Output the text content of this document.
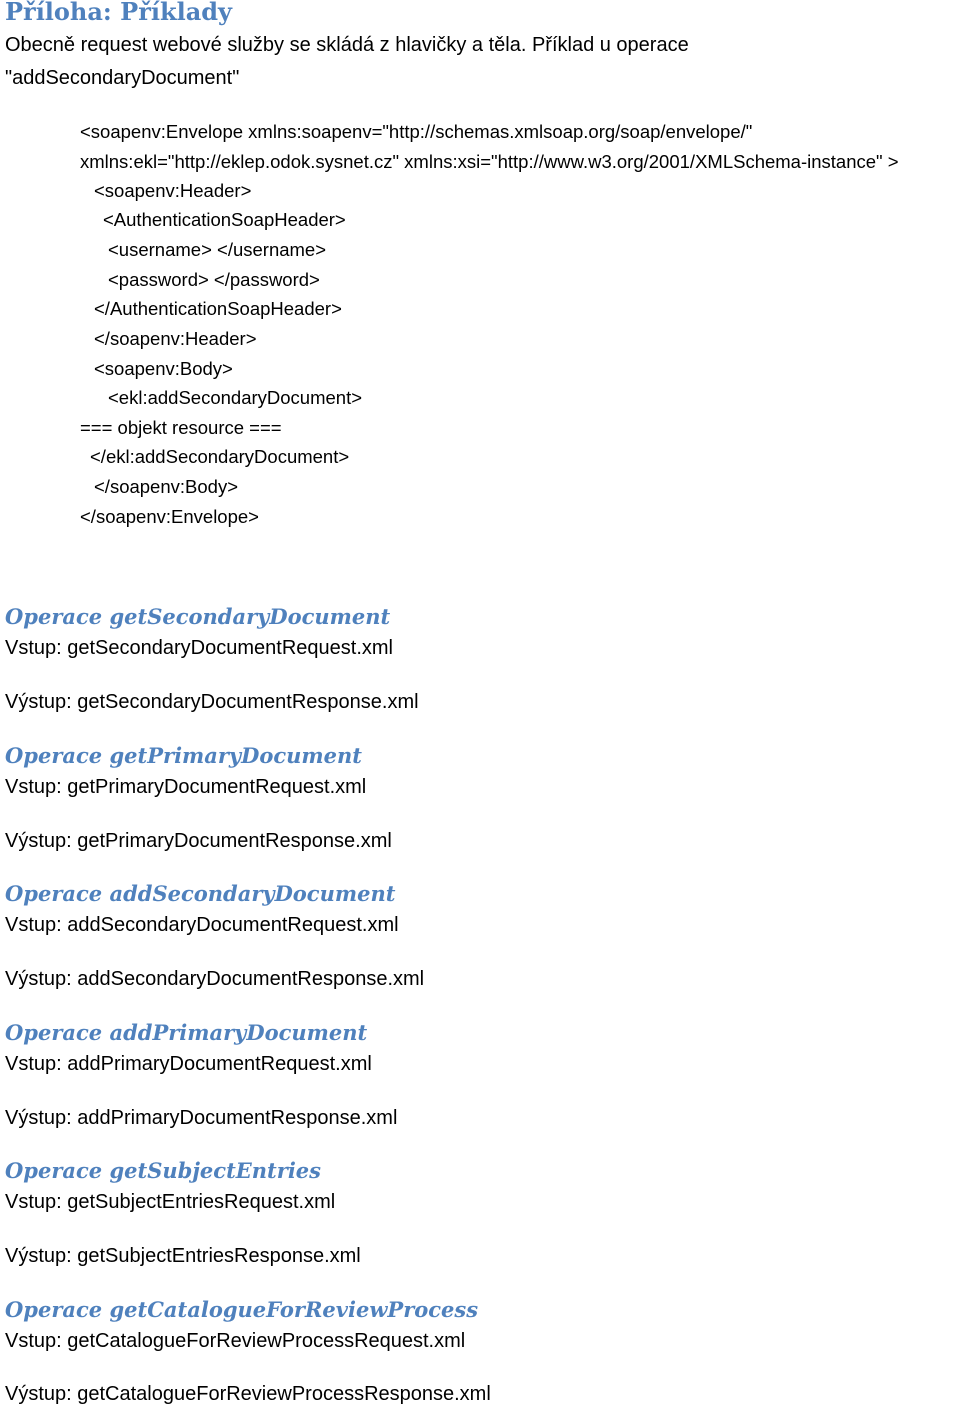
Příloha: Příklady

Obecně request webové služby se skládá z hlavičky a těla. Příklad u operace

"addSecondaryDocument"

<soapenv:Envelope xmlns:soapenv="http://schemas.xmlsoap.org/soap/envelope/"
xmlns:ekl="http://eklep.odok.sysnet.cz" xmlns:xsi="http://www.w3.org/2001/XMLSchema-instance" >
<soapenv:Header>
<AuthenticationSoapHeader>
<username> </username>
<password> </password>
</AuthenticationSoapHeader>
</soapenv:Header>
<soapenv:Body>
<ekl:addSecondaryDocument>
=== objekt resource ===
</ekl:addSecondaryDocument>
</soapenv:Body>
</soapenv:Envelope>
Operace getSecondaryDocument

Vstup: getSecondaryDocumentRequest.xml

Výstup: getSecondaryDocumentResponse.xml

Operace getPrimaryDocument

Vstup: getPrimaryDocumentRequest.xml

Výstup: getPrimaryDocumentResponse.xml

Operace addSecondaryDocument

Vstup: addSecondaryDocumentRequest.xml

Výstup: addSecondaryDocumentResponse.xml

Operace addPrimaryDocument

Vstup: addPrimaryDocumentRequest.xml

Výstup: addPrimaryDocumentResponse.xml

Operace getSubjectEntries

Vstup: getSubjectEntriesRequest.xml

Výstup: getSubjectEntriesResponse.xml

Operace getCatalogueForReviewProcess

Vstup: getCatalogueForReviewProcessRequest.xml

Výstup: getCatalogueForReviewProcessResponse.xml
